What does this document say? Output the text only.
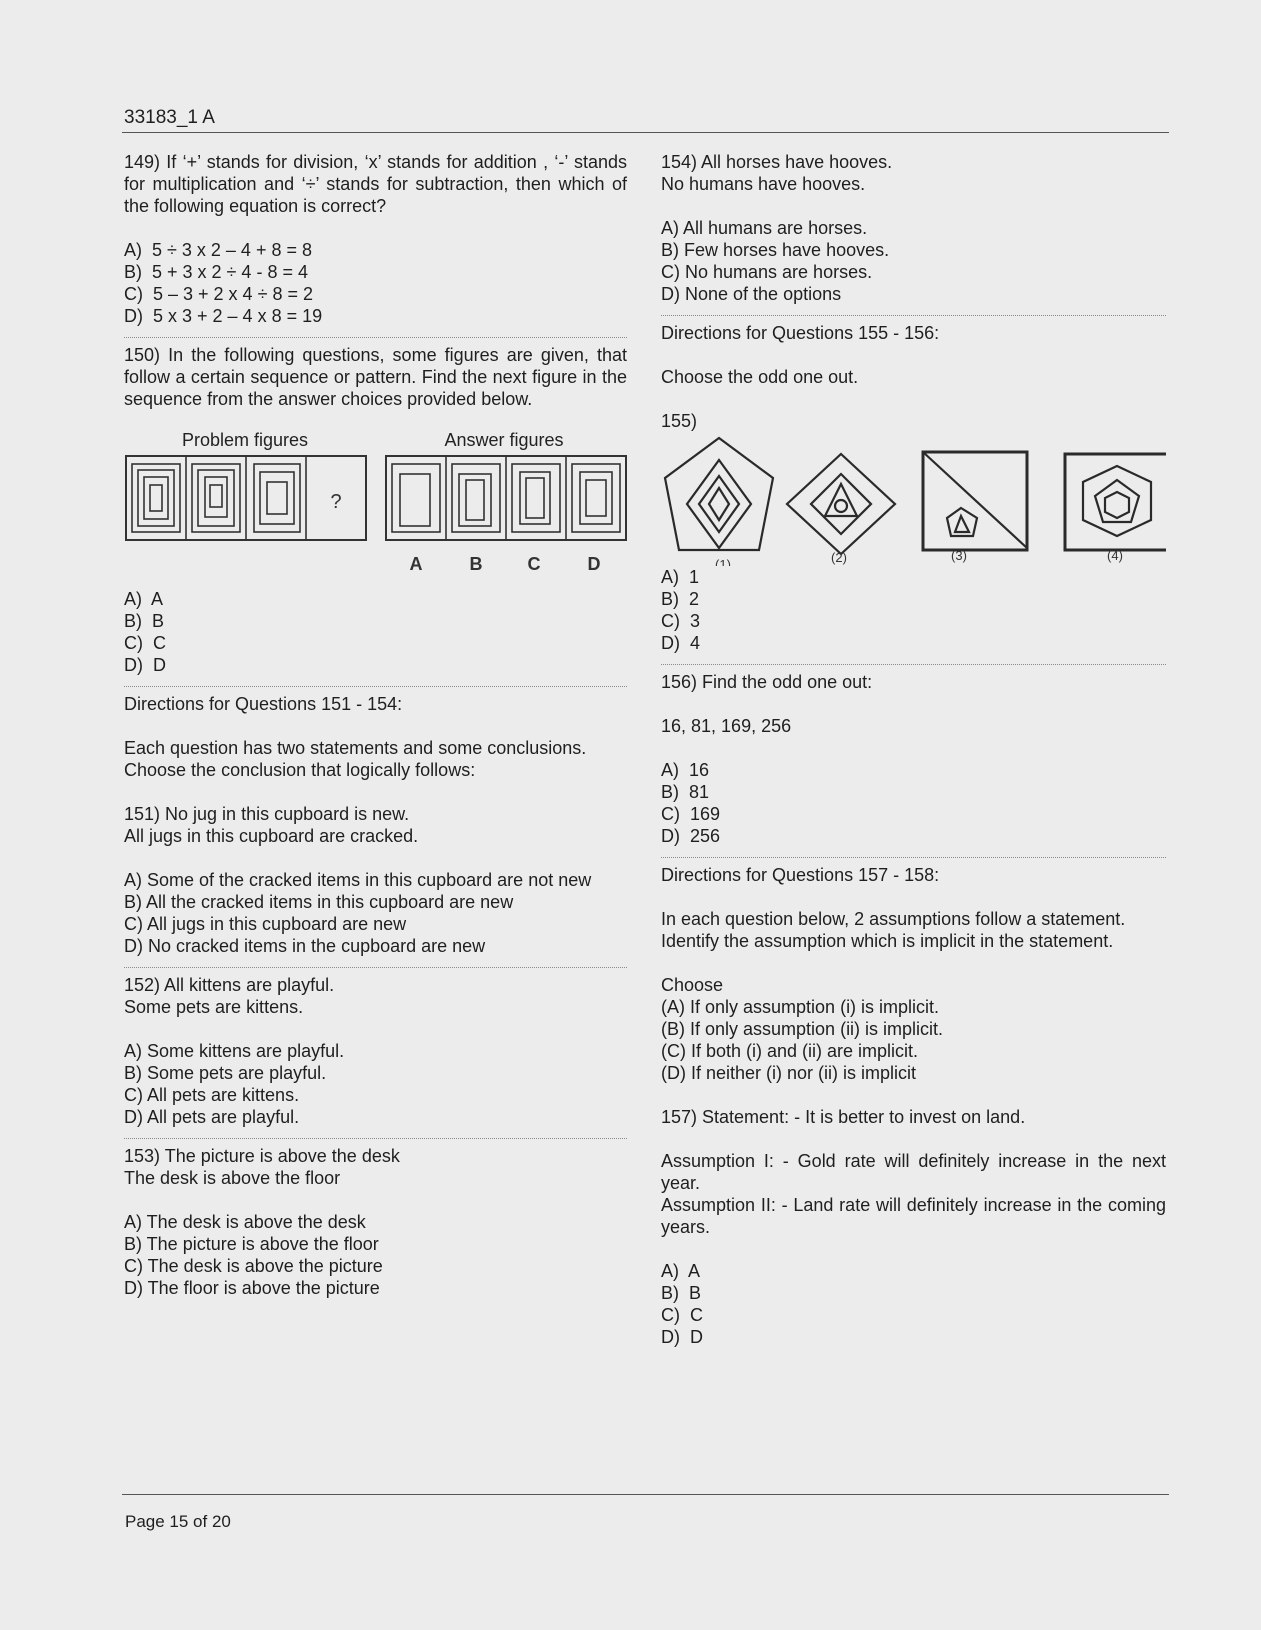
33183_1 A

149) If ‘+’ stands for division, ‘x’ stands for addition , ‘-’ stands for multiplication and ‘÷’ stands for subtraction, then which of the following equation is correct?

A)  5 ÷ 3 x 2 – 4 + 8 = 8
B)  5 + 3 x 2 ÷ 4 - 8 = 4
C)  5 – 3 + 2 x 4 ÷ 8 = 2
D)  5 x 3 + 2 – 4 x 8 = 19

150) In the following questions, some figures are given, that follow a certain sequence or pattern. Find the next figure in the sequence from the answer choices provided below.

Problem figures	Answer figures
?
A	B	C	D
A)  A
B)  B
C)  C
D)  D

Directions for Questions 151 - 154:

Each question has two statements and some conclusions. Choose the conclusion that logically follows:

151) No jug in this cupboard is new.

All jugs in this cupboard are cracked.

A) Some of the cracked items in this cupboard are not new
B) All the cracked items in this cupboard are new
C) All jugs in this cupboard are new
D) No cracked items in the cupboard are new

152) All kittens are playful.

Some pets are kittens.

A) Some kittens are playful.
B) Some pets are playful.
C) All pets are kittens.
D) All pets are playful.

153) The picture is above the desk

The desk is above the floor

A) The desk is above the desk
B) The picture is above the floor
C) The desk is above the picture
D) The floor is above the picture

154) All horses have hooves.

No humans have hooves.

A) All humans are horses.
B) Few horses have hooves.
C) No humans are horses.
D) None of the options

Directions for Questions 155 - 156:

Choose the odd one out.

155)

(1)	(2)	(3)	(4)
A)  1
B)  2
C)  3
D)  4

156) Find the odd one out:

16, 81, 169, 256

A)  16
B)  81
C)  169
D)  256

Directions for Questions 157 - 158:

In each question below, 2 assumptions follow a statement. Identify the assumption which is implicit in the statement.

Choose

(A) If only assumption (i) is implicit.
(B) If only assumption (ii) is implicit.
(C) If both (i) and (ii) are implicit.
(D) If neither (i) nor (ii) is implicit

157) Statement: - It is better to invest on land.

Assumption I: - Gold rate will definitely increase in the next year.

Assumption II: - Land rate will definitely increase in the coming years.

A)  A
B)  B
C)  C
D)  D
Page 15 of 20
